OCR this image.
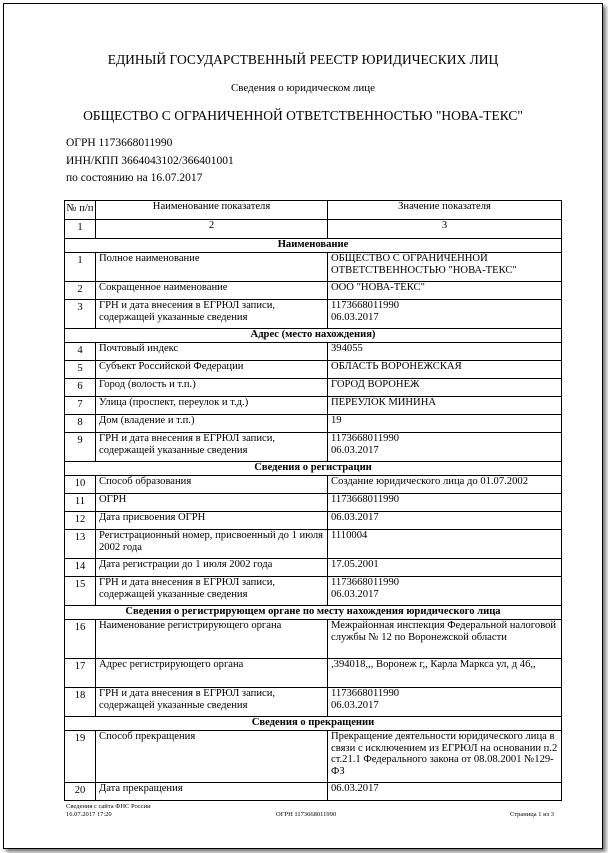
ЕДИНЫЙ ГОСУДАРСТВЕННЫЙ РЕЕСТР ЮРИДИЧЕСКИХ ЛИЦ
Сведения о юридическом лице
ОБЩЕСТВО С ОГРАНИЧЕННОЙ ОТВЕТСТВЕННОСТЬЮ "НОВА-ТЕКС"
ОГРН 1173668011990
ИНН/КПП 3664043102/366401001
по состоянию на 16.07.2017
№ п/п	Наименование показателя	Значение показателя
1	2	3
Наименование		
1	Полное наименование	ОБЩЕСТВО С ОГРАНИЧЕННОЙ ОТВЕТСТВЕННОСТЬЮ "НОВА-ТЕКС"
2	Сокращенное наименование	ООО "НОВА-ТЕКС"
3	ГРН и дата внесения в ЕГРЮЛ записи, содержащей указанные сведения	1173668011990
06.03.2017
Адрес (место нахождения)		
4	Почтовый индекс	394055
5	Субъект Российской Федерации	ОБЛАСТЬ ВОРОНЕЖСКАЯ
6	Город (волость и т.п.)	ГОРОД ВОРОНЕЖ
7	Улица (проспект, переулок и т.д.)	ПЕРЕУЛОК МИНИНА
8	Дом (владение и т.п.)	19
9	ГРН и дата внесения в ЕГРЮЛ записи, содержащей указанные сведения	1173668011990
06.03.2017
Сведения о регистрации		
10	Способ образования	Создание юридического лица до 01.07.2002
11	ОГРН	1173668011990
12	Дата присвоения ОГРН	06.03.2017
13	Регистрационный номер, присвоенный до 1 июля 2002 года	1110004
14	Дата регистрации до 1 июля 2002 года	17.05.2001
15	ГРН и дата внесения в ЕГРЮЛ записи, содержащей указанные сведения	1173668011990
06.03.2017
Сведения о регистрирующем органе по месту нахождения юридического лица		
16	Наименование регистрирующего органа	Межрайонная инспекция Федеральной налоговой службы № 12 по Воронежской области
17	Адрес регистрирующего органа	,394018,,, Воронеж г,, Карла Маркса ул, д 46,,
18	ГРН и дата внесения в ЕГРЮЛ записи, содержащей указанные сведения	1173668011990
06.03.2017
Сведения о прекращении		
19	Способ прекращения	Прекращение деятельности юридического лица в связи с исключением из ЕГРЮЛ на основании п.2 ст.21.1 Федерального закона от 08.08.2001 №129-ФЗ
20	Дата прекращения	06.03.2017
Сведения с сайта ФНС России
16.07.2017 17:20	ОГРН 1173668011990	Страница 1 из 3
